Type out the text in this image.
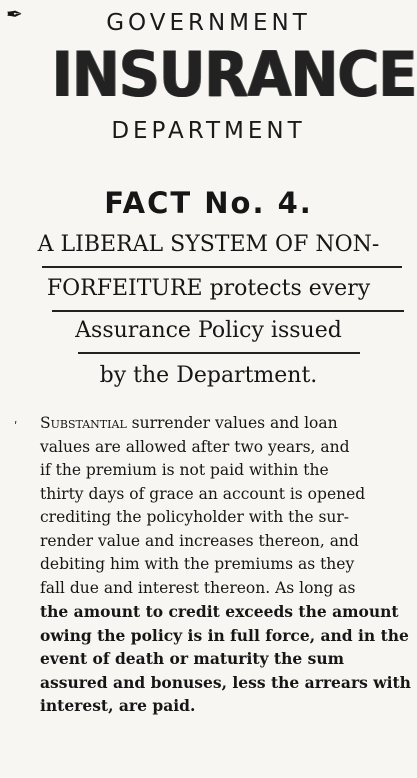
✒	GOVERNMENT
INSURANCE
DEPARTMENT
FACT No. 4.
A LIBERAL SYSTEM OF NON-
FORFEITURE protects every
Assurance Policy issued
by the Department.
ʹ Substantial surrender values and loan
values are allowed after two years, and
if the premium is not paid within the
thirty days of grace an account is opened
crediting the policyholder with the sur-
render value and increases thereon, and
debiting him with the premiums as they
fall due and interest thereon. As long as
the amount to credit exceeds the amount
owing the policy is in full force, and in the
event of death or maturity the sum
assured and bonuses, less the arrears with
interest, are paid.
